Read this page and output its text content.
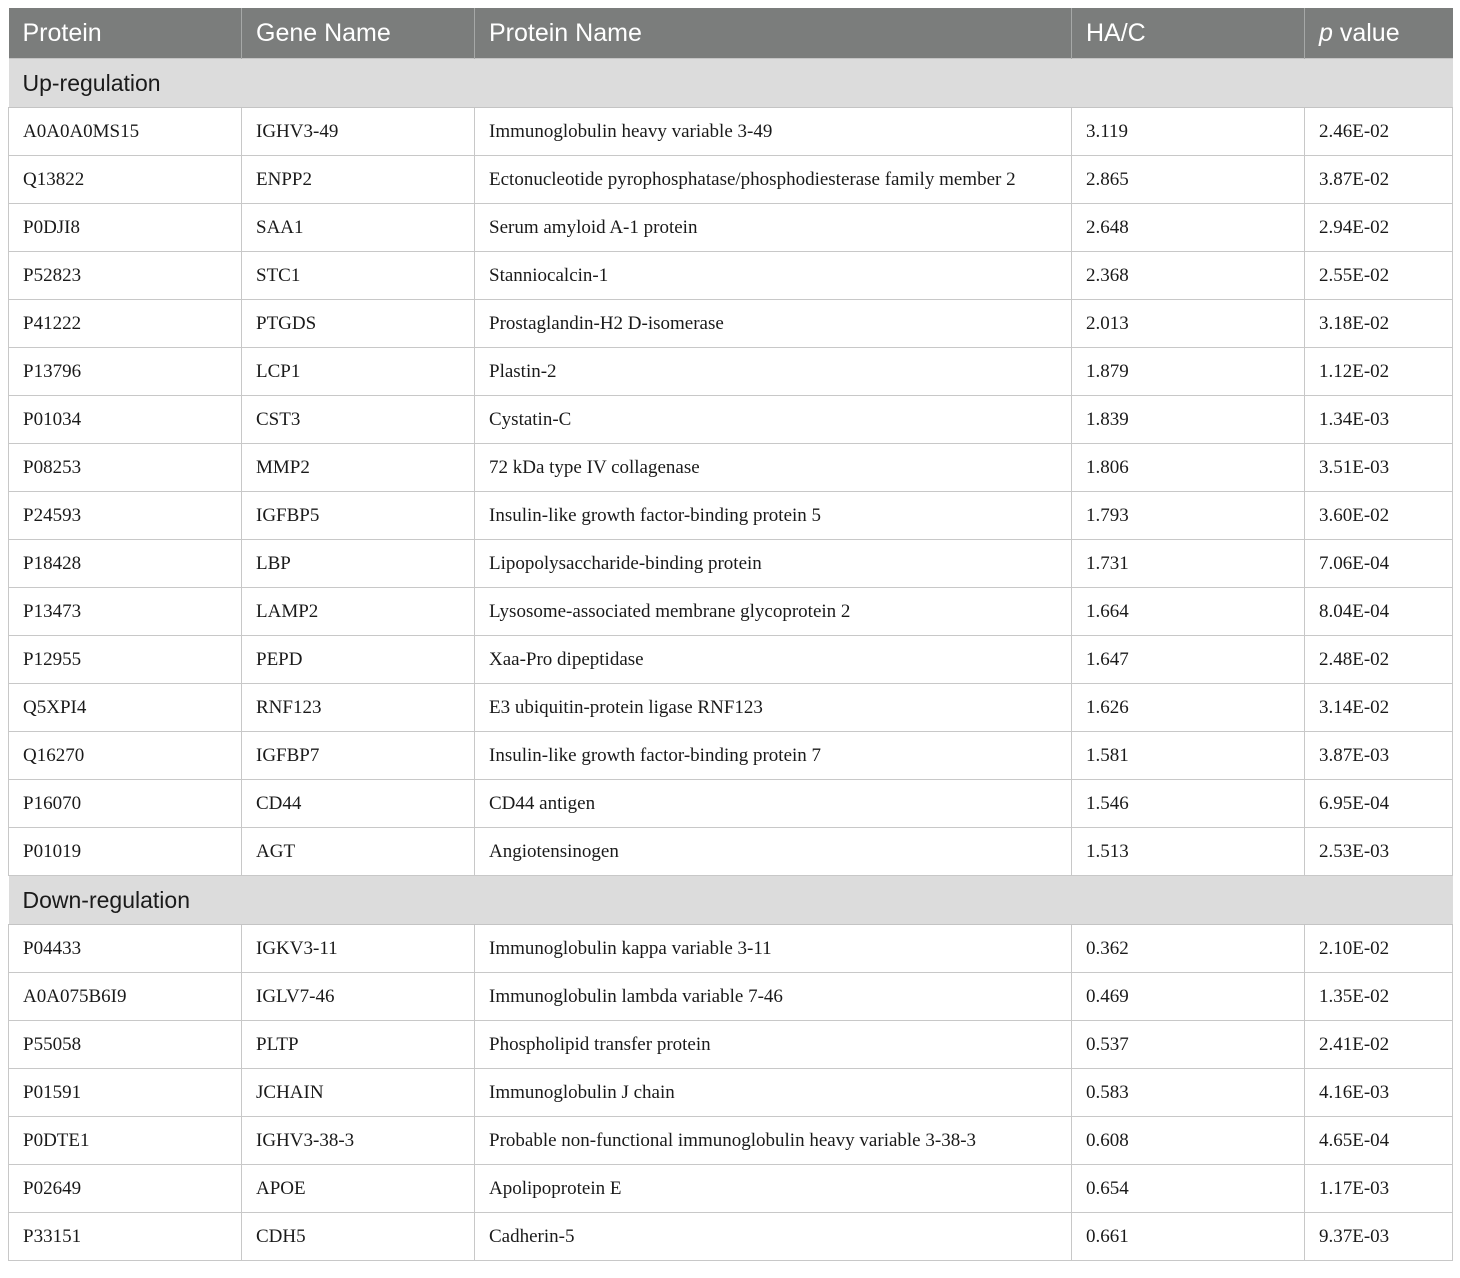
Protein	Gene Name	Protein Name	HA/C	p value
Up-regulation				
A0A0A0MS15	IGHV3-49	Immunoglobulin heavy variable 3-49	3.119	2.46E-02
Q13822	ENPP2	Ectonucleotide pyrophosphatase/phosphodiesterase family member 2	2.865	3.87E-02
P0DJI8	SAA1	Serum amyloid A-1 protein	2.648	2.94E-02
P52823	STC1	Stanniocalcin-1	2.368	2.55E-02
P41222	PTGDS	Prostaglandin-H2 D-isomerase	2.013	3.18E-02
P13796	LCP1	Plastin-2	1.879	1.12E-02
P01034	CST3	Cystatin-C	1.839	1.34E-03
P08253	MMP2	72 kDa type IV collagenase	1.806	3.51E-03
P24593	IGFBP5	Insulin-like growth factor-binding protein 5	1.793	3.60E-02
P18428	LBP	Lipopolysaccharide-binding protein	1.731	7.06E-04
P13473	LAMP2	Lysosome-associated membrane glycoprotein 2	1.664	8.04E-04
P12955	PEPD	Xaa-Pro dipeptidase	1.647	2.48E-02
Q5XPI4	RNF123	E3 ubiquitin-protein ligase RNF123	1.626	3.14E-02
Q16270	IGFBP7	Insulin-like growth factor-binding protein 7	1.581	3.87E-03
P16070	CD44	CD44 antigen	1.546	6.95E-04
P01019	AGT	Angiotensinogen	1.513	2.53E-03
Down-regulation				
P04433	IGKV3-11	Immunoglobulin kappa variable 3-11	0.362	2.10E-02
A0A075B6I9	IGLV7-46	Immunoglobulin lambda variable 7-46	0.469	1.35E-02
P55058	PLTP	Phospholipid transfer protein	0.537	2.41E-02
P01591	JCHAIN	Immunoglobulin J chain	0.583	4.16E-03
P0DTE1	IGHV3-38-3	Probable non-functional immunoglobulin heavy variable 3-38-3	0.608	4.65E-04
P02649	APOE	Apolipoprotein E	0.654	1.17E-03
P33151	CDH5	Cadherin-5	0.661	9.37E-03
